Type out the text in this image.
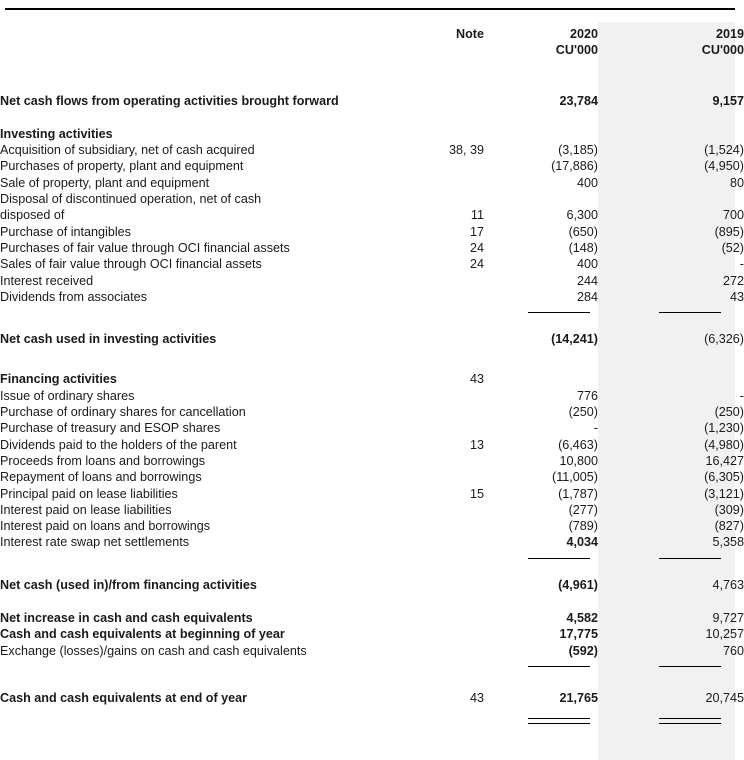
	Note	2020		2019
		CU'000		CU'000

Net cash flows from operating activities brought forward		23,784		9,157

Investing activities				
Acquisition of subsidiary, net of cash acquired	38, 39	(3,185)		(1,524)
Purchases of property, plant and equipment		(17,886)		(4,950)
Sale of property, plant and equipment		400		80
Disposal of discontinued operation, net of cash				
disposed of	11	6,300		700
Purchase of intangibles	17	(650)		(895)
Purchases of fair value through OCI financial assets	24	(148)		(52)
Sales of fair value through OCI financial assets	24	400		-
Interest received		244		272
Dividends from associates		284		43

Net cash used in investing activities		(14,241)		(6,326)

Financing activities	43			
Issue of ordinary shares		776		-
Purchase of ordinary shares for cancellation		(250)		(250)
Purchase of treasury and ESOP shares		-		(1,230)
Dividends paid to the holders of the parent	13	(6,463)		(4,980)
Proceeds from loans and borrowings		10,800		16,427
Repayment of loans and borrowings		(11,005)		(6,305)
Principal paid on lease liabilities	15	(1,787)		(3,121)
Interest paid on lease liabilities		(277)		(309)
Interest paid on loans and borrowings		(789)		(827)
Interest rate swap net settlements		4,034		5,358

Net cash (used in)/from financing activities		(4,961)		4,763

Net increase in cash and cash equivalents		4,582		9,727
Cash and cash equivalents at beginning of year		17,775		10,257
Exchange (losses)/gains on cash and cash equivalents		(592)		760

Cash and cash equivalents at end of year	43	21,765		20,745
